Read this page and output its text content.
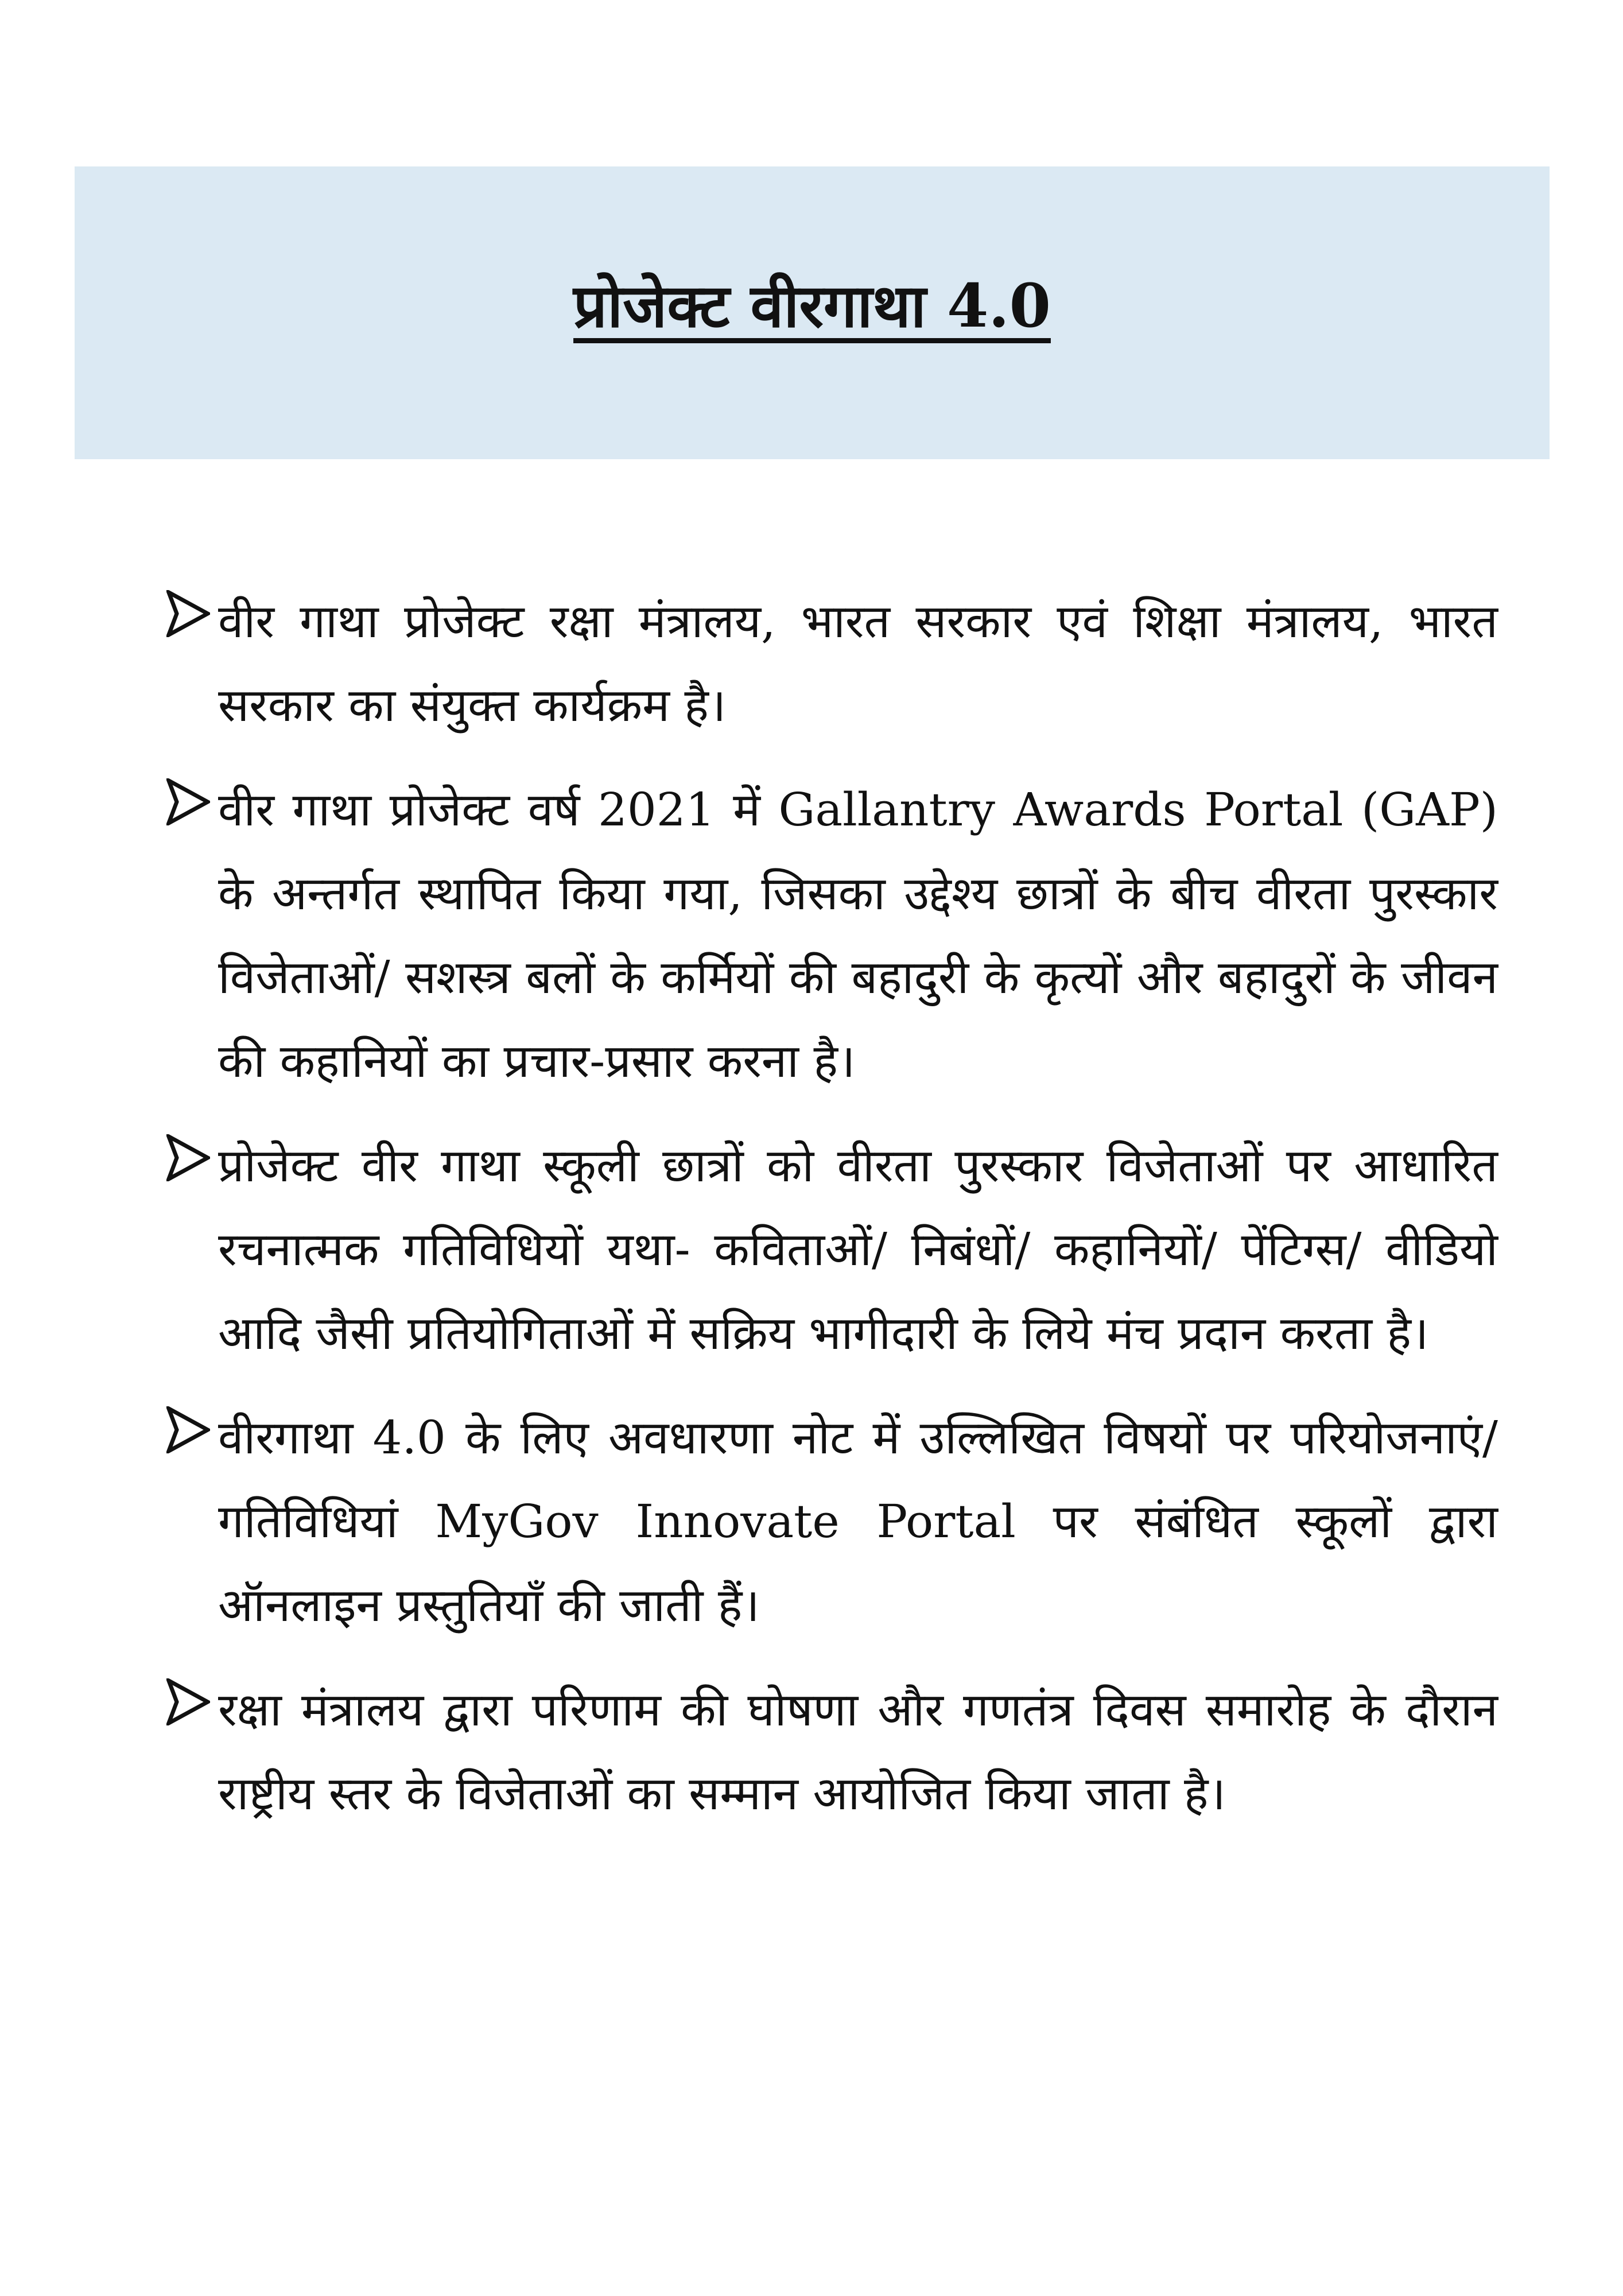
प्रोजेक्ट वीरगाथा 4.0
वीर गाथा प्रोजेक्ट रक्षा मंत्रालय, भारत सरकार एवं शिक्षा मंत्रालय, भारत सरकार का संयुक्त कार्यक्रम है।
वीर गाथा प्रोजेक्ट वर्ष 2021 में Gallantry Awards Portal (GAP) के अन्तर्गत स्थापित किया गया, जिसका उद्देश्य छात्रों के बीच वीरता पुरस्कार विजेताओं/ सशस्त्र बलों के कर्मियों की बहादुरी के कृत्यों और बहादुरों के जीवन की कहानियों का प्रचार-प्रसार करना है।
प्रोजेक्ट वीर गाथा स्कूली छात्रों को वीरता पुरस्कार विजेताओं पर आधारित रचनात्मक गतिविधियों यथा- कविताओं/ निबंधों/ कहानियों/ पेंटिग्स/ वीडियो आदि जैसी प्रतियोगिताओं में सक्रिय भागीदारी के लिये मंच प्रदान करता है।
वीरगाथा 4.0 के लिए अवधारणा नोट में उल्लिखित विषयों पर परियोजनाएं/गतिविधियां MyGov Innovate Portal पर संबंधित स्कूलों द्वारा ऑनलाइन प्रस्तुतियाँ की जाती हैं।
रक्षा मंत्रालय द्वारा परिणाम की घोषणा और गणतंत्र दिवस समारोह के दौरान राष्ट्रीय स्तर के विजेताओं का सम्मान आयोजित किया जाता है।
